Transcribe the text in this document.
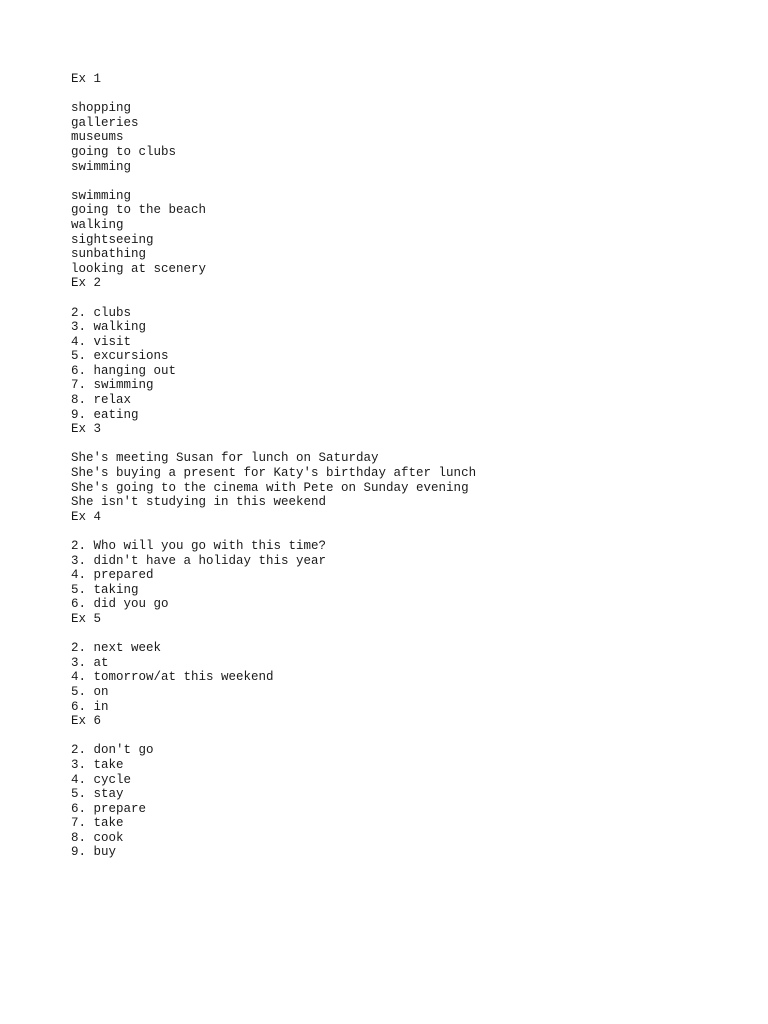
Ex 1
shopping
galleries
museums
going to clubs
swimming
swimming
going to the beach
walking
sightseeing
sunbathing
looking at scenery
Ex 2
2. clubs
3. walking
4. visit
5. excursions
6. hanging out
7. swimming
8. relax
9. eating
Ex 3
She's meeting Susan for lunch on Saturday
She's buying a present for Katy's birthday after lunch
She's going to the cinema with Pete on Sunday evening
She isn't studying in this weekend
Ex 4
2. Who will you go with this time?
3. didn't have a holiday this year
4. prepared
5. taking
6. did you go
Ex 5
2. next week
3. at
4. tomorrow/at this weekend
5. on
6. in
Ex 6
2. don't go
3. take
4. cycle
5. stay
6. prepare
7. take
8. cook
9. buy
